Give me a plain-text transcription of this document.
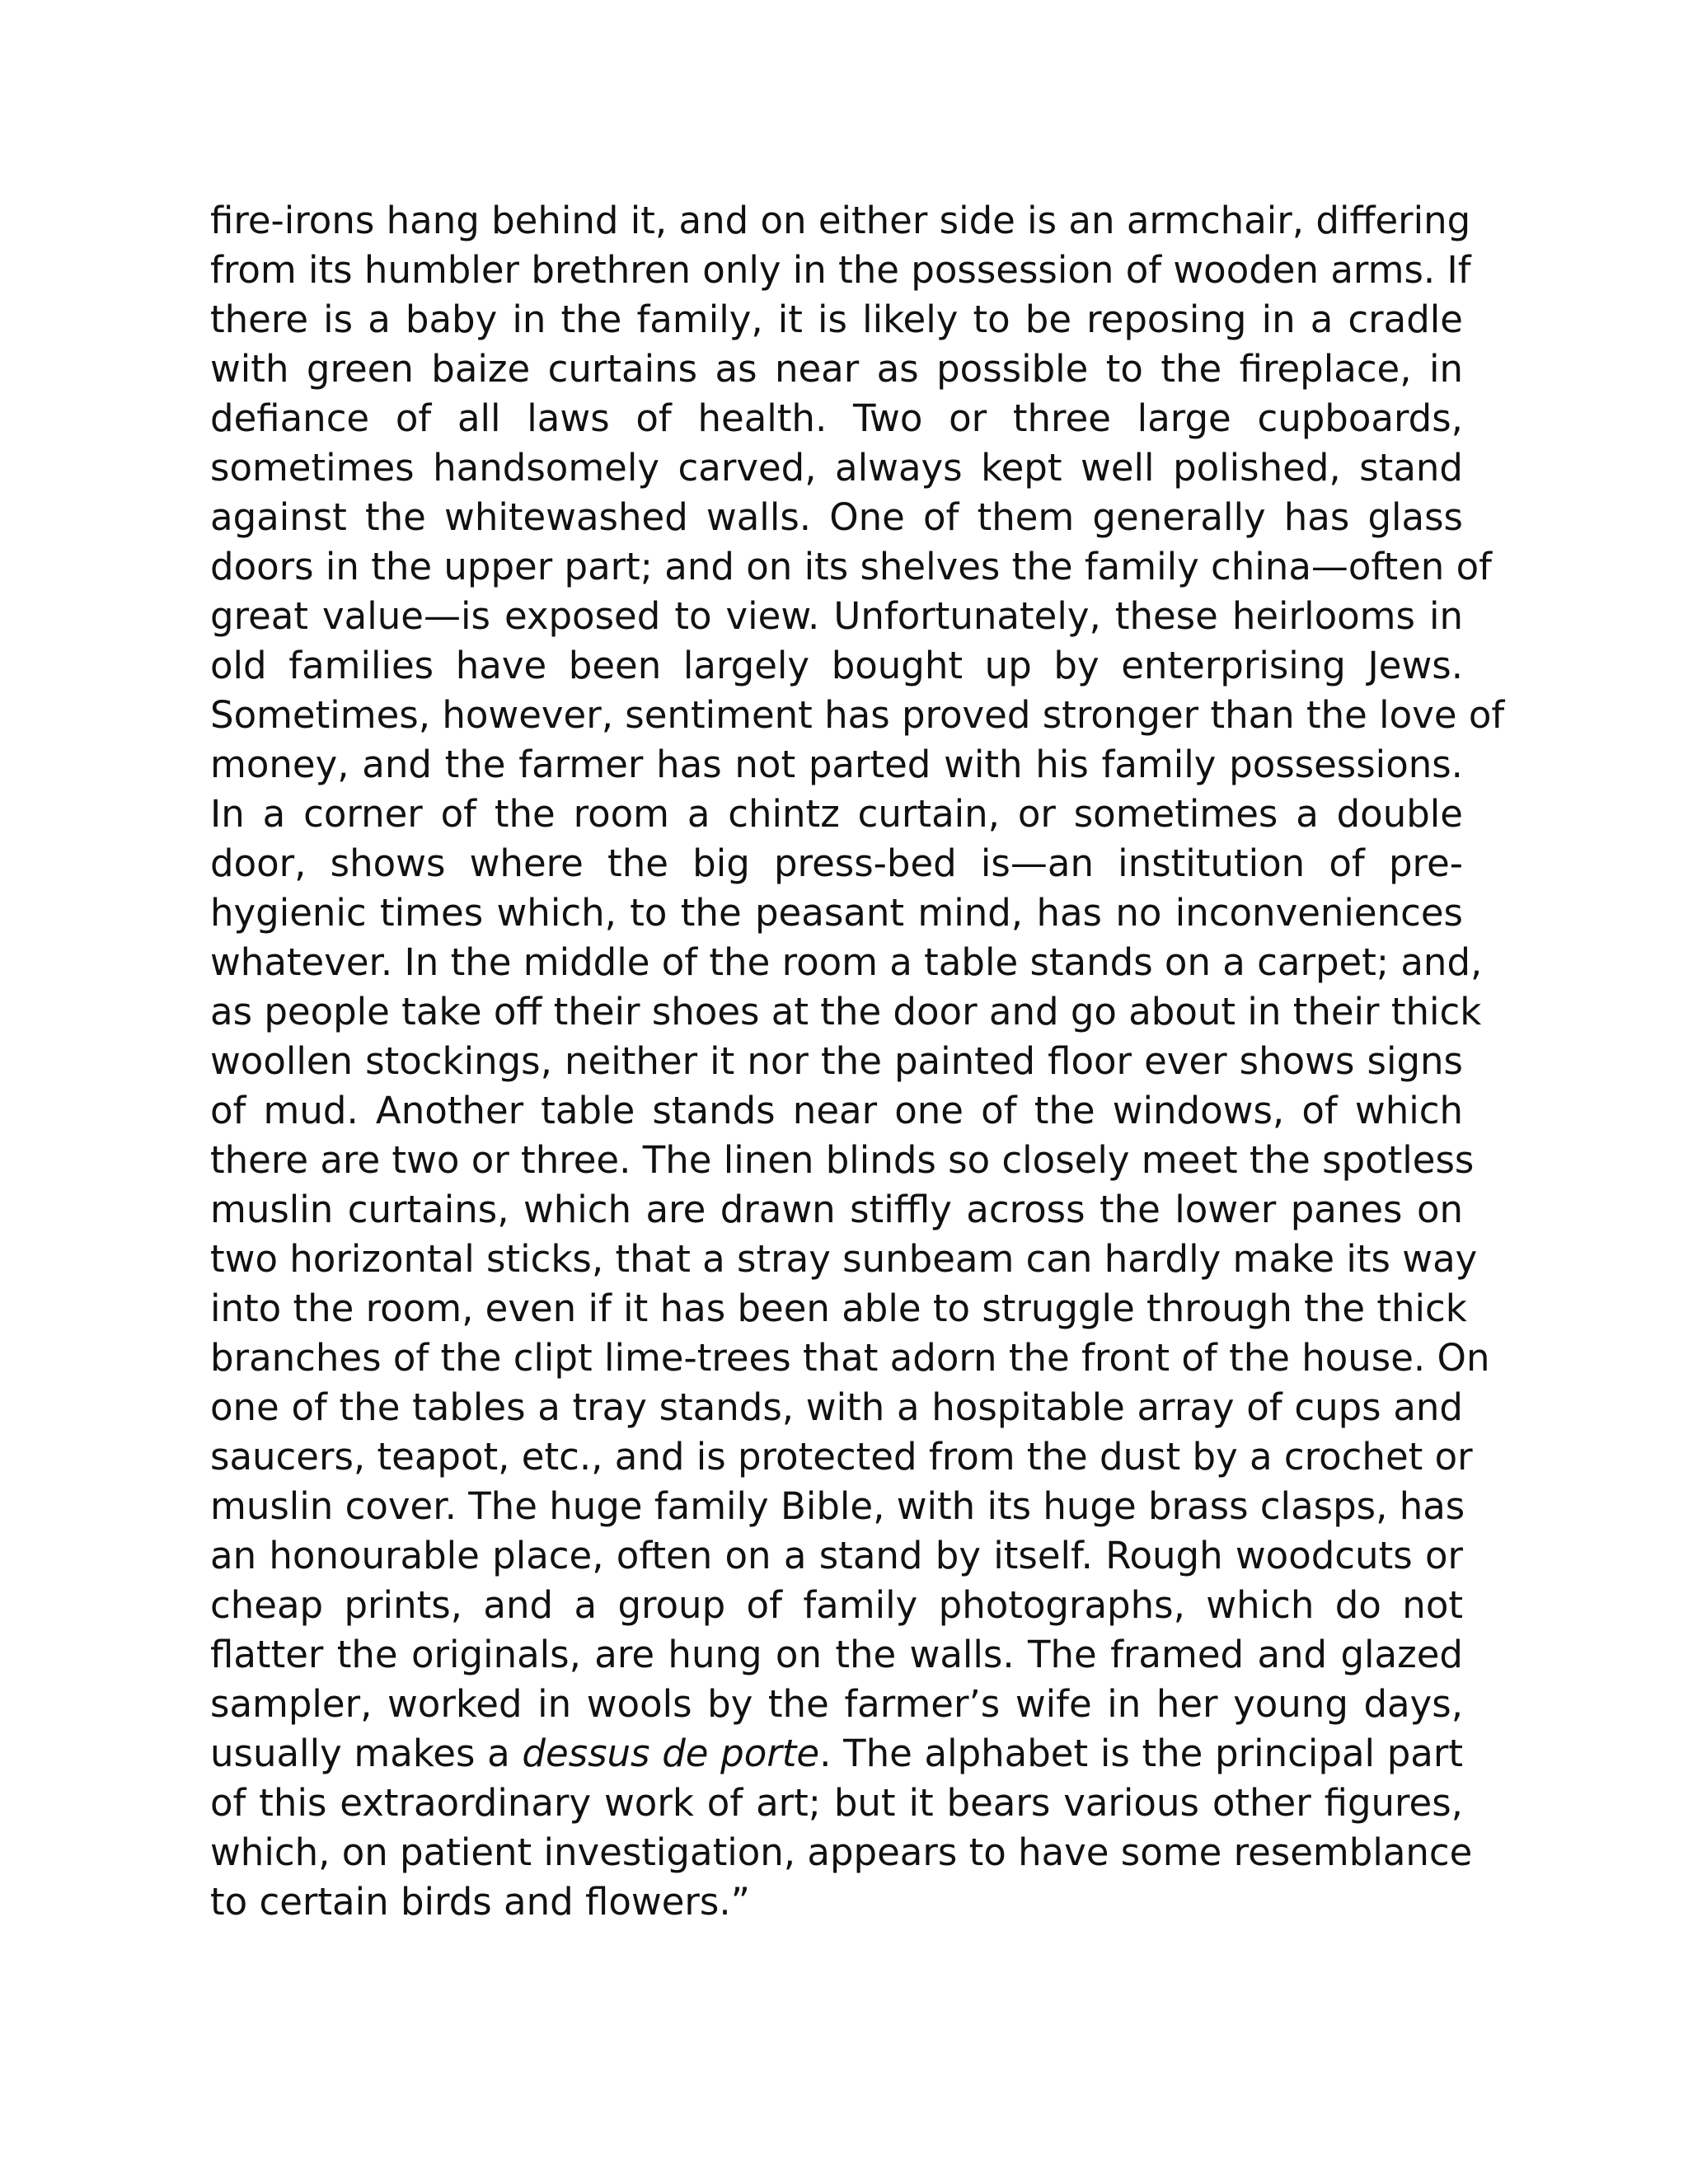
fire-irons hang behind it, and on either side is an armchair, differing
from its humbler brethren only in the possession of wooden arms. If
there is a baby in the family, it is likely to be reposing in a cradle
with green baize curtains as near as possible to the fireplace, in
defiance of all laws of health. Two or three large cupboards,
sometimes handsomely carved, always kept well polished, stand
against the whitewashed walls. One of them generally has glass
doors in the upper part; and on its shelves the family china—often of
great value—is exposed to view. Unfortunately, these heirlooms in
old families have been largely bought up by enterprising Jews.
Sometimes, however, sentiment has proved stronger than the love of
money, and the farmer has not parted with his family possessions.
In a corner of the room a chintz curtain, or sometimes a double
door, shows where the big press-bed is—an institution of pre-
hygienic times which, to the peasant mind, has no inconveniences
whatever. In the middle of the room a table stands on a carpet; and,
as people take off their shoes at the door and go about in their thick
woollen stockings, neither it nor the painted floor ever shows signs
of mud. Another table stands near one of the windows, of which
there are two or three. The linen blinds so closely meet the spotless
muslin curtains, which are drawn stiffly across the lower panes on
two horizontal sticks, that a stray sunbeam can hardly make its way
into the room, even if it has been able to struggle through the thick
branches of the clipt lime-trees that adorn the front of the house. On
one of the tables a tray stands, with a hospitable array of cups and
saucers, teapot, etc., and is protected from the dust by a crochet or
muslin cover. The huge family Bible, with its huge brass clasps, has
an honourable place, often on a stand by itself. Rough woodcuts or
cheap prints, and a group of family photographs, which do not
flatter the originals, are hung on the walls. The framed and glazed
sampler, worked in wools by the farmer’s wife in her young days,
usually makes a dessus de porte. The alphabet is the principal part
of this extraordinary work of art; but it bears various other figures,
which, on patient investigation, appears to have some resemblance
to certain birds and flowers.”
